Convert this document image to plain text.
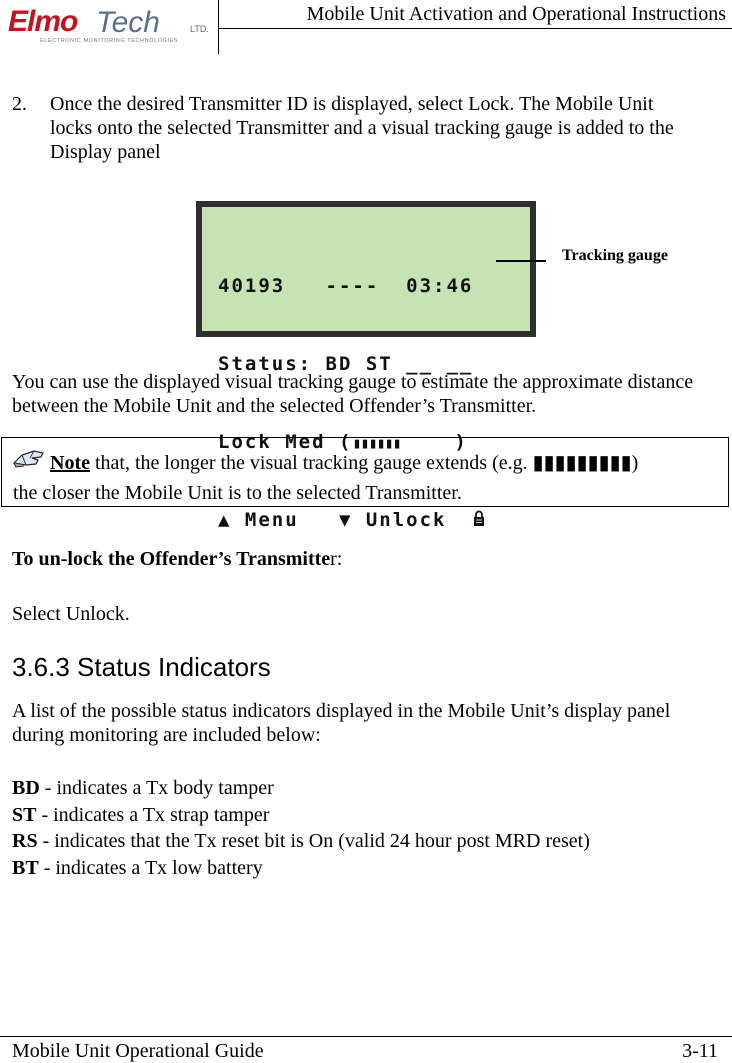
Elmo Tech	LTD.
ELECTRONIC MONITORING TECHNOLOGIES
Mobile Unit Activation and Operational Instructions
2. Once the desired Transmitter ID is displayed, select Lock. The Mobile Unit locks onto the selected Transmitter and a visual tracking gauge is added to the Display panel

40193   ----  03:46

Status: BD ST __ __

Lock Med (▮▮▮▮▮▮    )

▲ Menu   ▼ Unlock

Tracking gauge
You can use the displayed visual tracking gauge to estimate the approximate distance between the Mobile Unit and the selected Offender’s Transmitter.
Note that, the longer the visual tracking gauge extends (e.g. ▮▮▮▮▮▮▮▮▮)
the closer the Mobile Unit is to the selected Transmitter.
To un-lock the Offender’s Transmitter:
Select Unlock.
3.6.3 Status Indicators
A list of the possible status indicators displayed in the Mobile Unit’s display panel during monitoring are included below:
BD - indicates a Tx body tamper
ST - indicates a Tx strap tamper
RS - indicates that the Tx reset bit is On (valid 24 hour post MRD reset)
BT - indicates a Tx low battery
Mobile Unit Operational Guide	3-11
